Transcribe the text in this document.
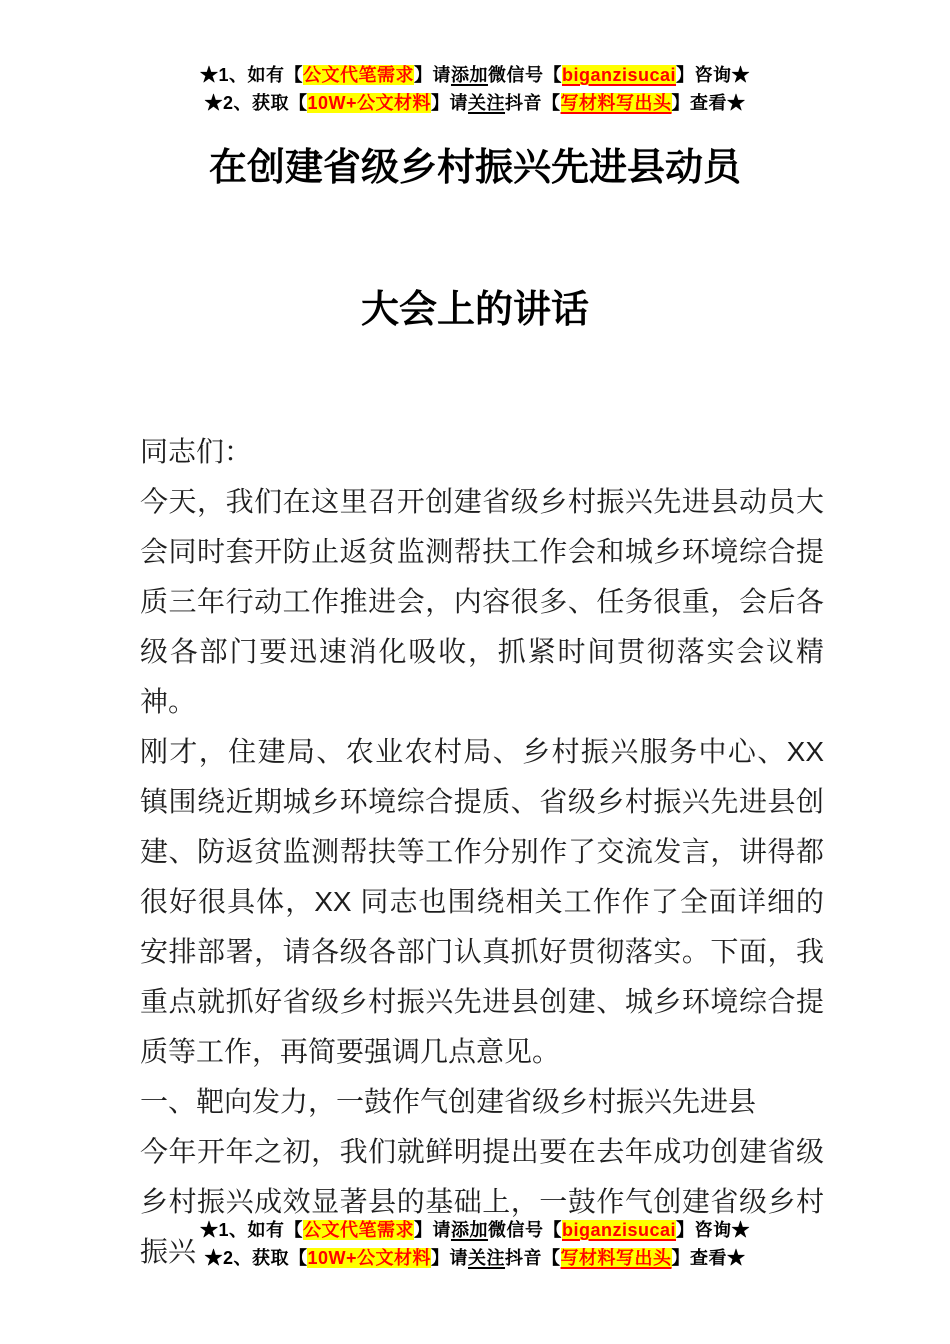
★1、如有【公文代笔需求】请添加微信号【biganzisucai】咨询★
★2、获取【10W+公文材料】请关注抖音【写材料写出头】查看★
在创建省级乡村振兴先进县动员
大会上的讲话

同志们：

今天，我们在这里召开创建省级乡村振兴先进县动员大会同时套开防止返贫监测帮扶工作会和城乡环境综合提质三年行动工作推进会，内容很多、任务很重，会后各级各部门要迅速消化吸收，抓紧时间贯彻落实会议精神。

刚才，住建局、农业农村局、乡村振兴服务中心、XX 镇围绕近期城乡环境综合提质、省级乡村振兴先进县创建、防返贫监测帮扶等工作分别作了交流发言，讲得都很好很具体，XX 同志也围绕相关工作作了全面详细的安排部署，请各级各部门认真抓好贯彻落实。下面，我重点就抓好省级乡村振兴先进县创建、城乡环境综合提质等工作，再简要强调几点意见。

一、靶向发力，一鼓作气创建省级乡村振兴先进县

今年开年之初，我们就鲜明提出要在去年成功创建省级乡村振兴成效显著县的基础上，一鼓作气创建省级乡村振兴

★1、如有【公文代笔需求】请添加微信号【biganzisucai】咨询★
★2、获取【10W+公文材料】请关注抖音【写材料写出头】查看★
